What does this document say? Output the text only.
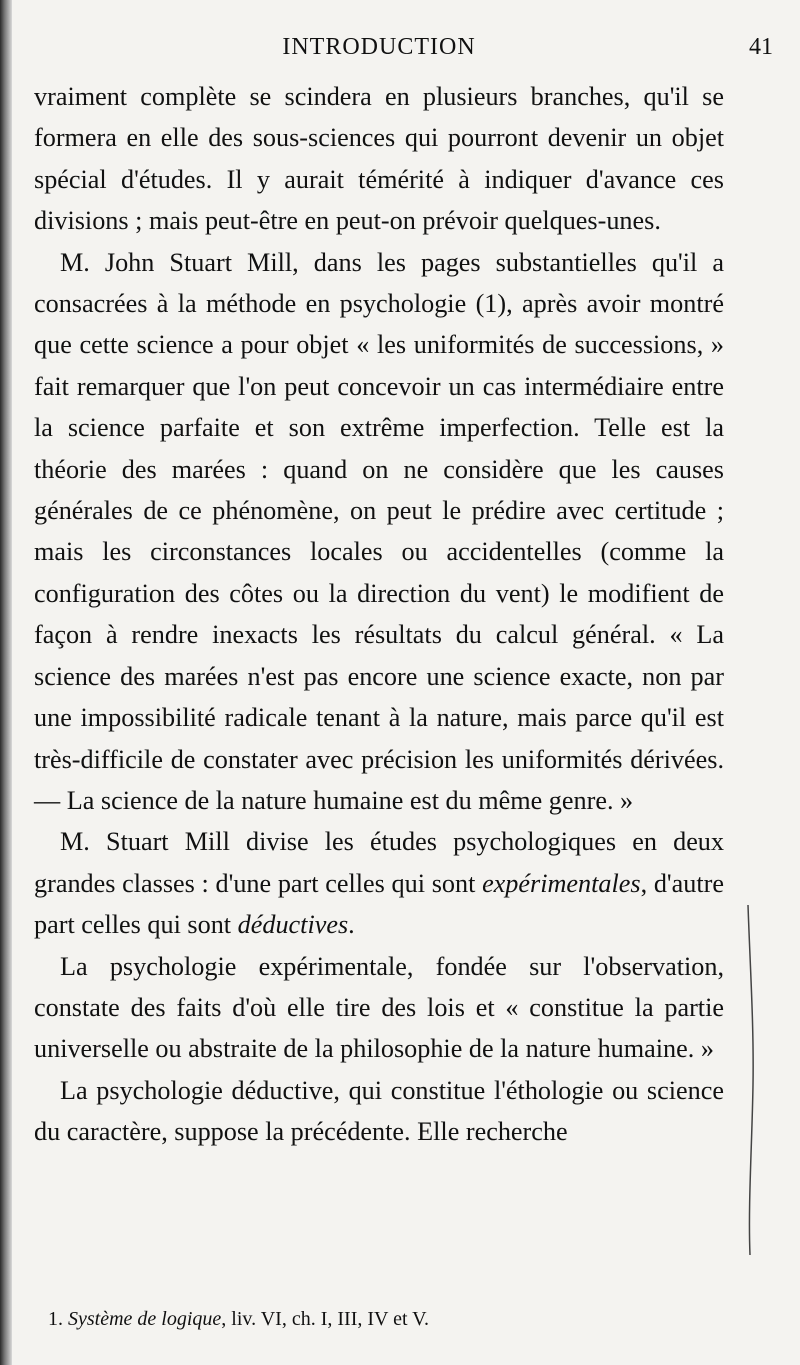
INTRODUCTION	41

vraiment complète se scindera en plusieurs branches, qu'il se formera en elle des sous-sciences qui pourront devenir un objet spécial d'études. Il y aurait témérité à indiquer d'avance ces divisions ; mais peut-être en peut-on prévoir quelques-unes.

M. John Stuart Mill, dans les pages substantielles qu'il a consacrées à la méthode en psychologie (1), après avoir montré que cette science a pour objet « les uniformités de successions, » fait remarquer que l'on peut concevoir un cas intermédiaire entre la science parfaite et son extrême imperfection. Telle est la théorie des marées : quand on ne considère que les causes générales de ce phénomène, on peut le prédire avec certitude ; mais les circonstances locales ou accidentelles (comme la configuration des côtes ou la direction du vent) le modifient de façon à rendre inexacts les résultats du calcul général. « La science des marées n'est pas encore une science exacte, non par une impossibilité radicale tenant à la nature, mais parce qu'il est très-difficile de constater avec précision les uniformités dérivées. — La science de la nature humaine est du même genre. »

M. Stuart Mill divise les études psychologiques en deux grandes classes : d'une part celles qui sont expérimentales, d'autre part celles qui sont déductives.

La psychologie expérimentale, fondée sur l'observation, constate des faits d'où elle tire des lois et « constitue la partie universelle ou abstraite de la philosophie de la nature humaine. »

La psychologie déductive, qui constitue l'éthologie ou science du caractère, suppose la précédente. Elle recherche

1. Système de logique, liv. VI, ch. I, III, IV et V.
